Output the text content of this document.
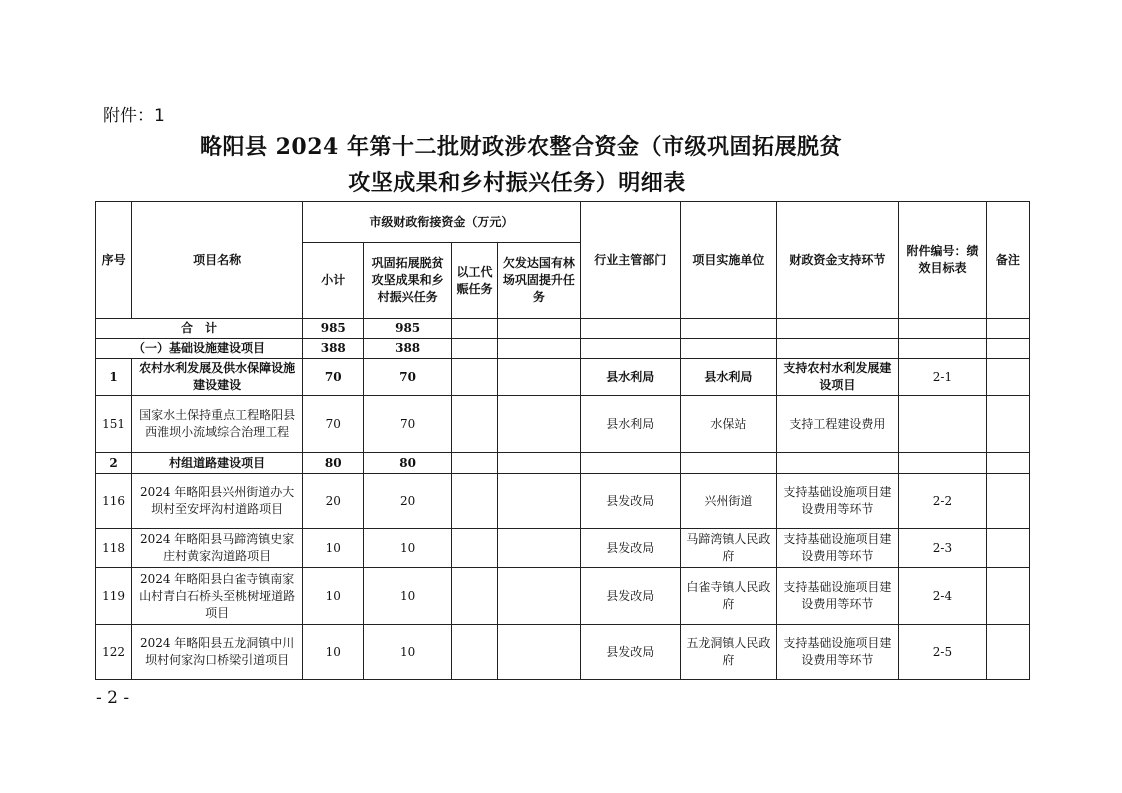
附件：1
略阳县 2024 年第十二批财政涉农整合资金（市级巩固拓展脱贫
攻坚成果和乡村振兴任务）明细表
序号	项目名称	市级财政衔接资金（万元）				行业主管部门	项目实施单位	财政资金支持环节	附件编号：绩效目标表	备注
		小计	巩固拓展脱贫攻坚成果和乡村振兴任务	以工代赈任务	欠发达国有林场巩固提升任务					
合　计		985	985							
（一）基础设施建设项目		388	388							
1	农村水利发展及供水保障设施建设建设	70	70			县水利局	县水利局	支持农村水利发展建设项目	2-1	
151	国家水土保持重点工程略阳县西淮坝小流域综合治理工程	70	70			县水利局	水保站	支持工程建设费用		
2	村组道路建设项目	80	80							
116	2024 年略阳县兴州街道办大坝村至安坪沟村道路项目	20	20			县发改局	兴州街道	支持基础设施项目建设费用等环节	2-2	
118	2024 年略阳县马蹄湾镇史家庄村黄家沟道路项目	10	10			县发改局	马蹄湾镇人民政府	支持基础设施项目建设费用等环节	2-3	
119	2024 年略阳县白雀寺镇南家山村青白石桥头至桃树垭道路项目	10	10			县发改局	白雀寺镇人民政府	支持基础设施项目建设费用等环节	2-4	
122	2024 年略阳县五龙洞镇中川坝村何家沟口桥梁引道项目	10	10			县发改局	五龙洞镇人民政府	支持基础设施项目建设费用等环节	2-5	
- 2 -
